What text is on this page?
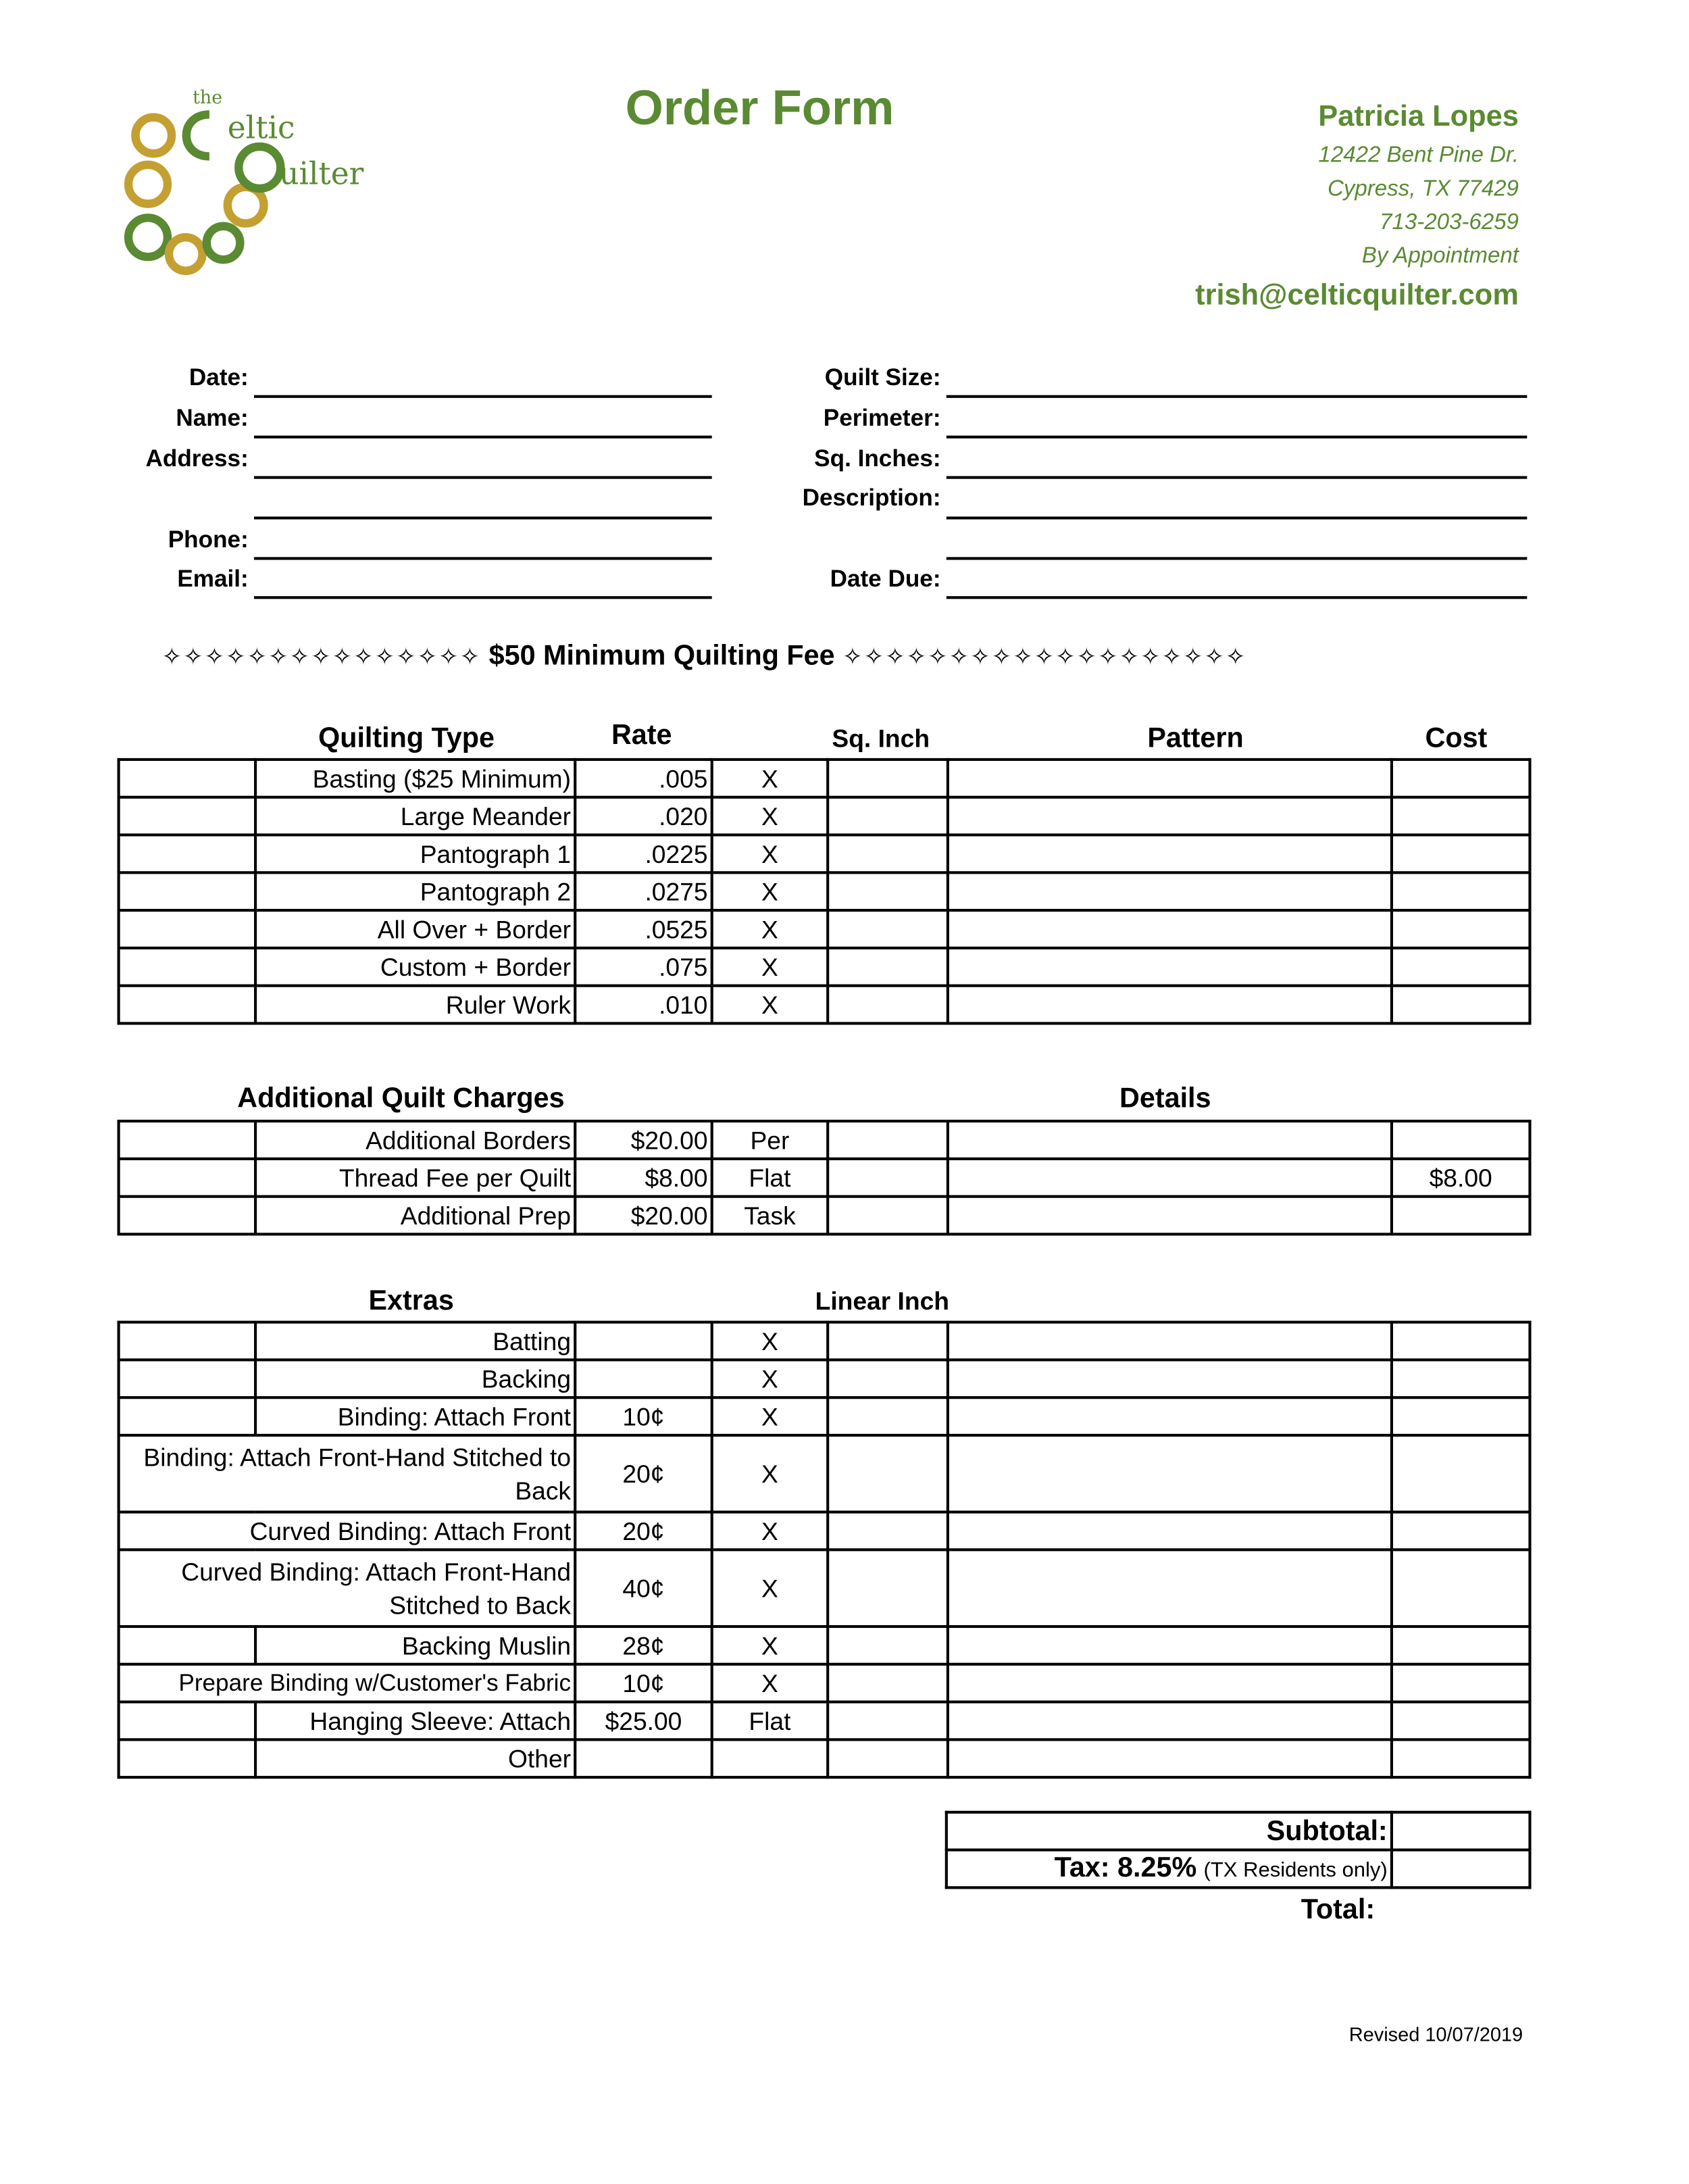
the
eltic
uilter
Order Form	Patricia Lopes
12422 Bent Pine Dr.
Cypress, TX 77429
713-203-6259
By Appointment
trish@celticquilter.com
Date:
Name:
Address:
Phone:
Email:
Quilt Size:
Perimeter:
Sq. Inches:
Description:
Date Due:
✧✧✧✧✧✧✧✧✧✧✧✧✧✧✧ $50 Minimum Quilting Fee ✧✧✧✧✧✧✧✧✧✧✧✧✧✧✧✧✧✧✧
Quilting Type	Rate	Sq. Inch	Pattern	Cost
	Basting ($25 Minimum)	.005	X			
	Large Meander	.020	X			
	Pantograph 1	.0225	X			
	Pantograph 2	.0275	X			
	All Over + Border	.0525	X			
	Custom + Border	.075	X			
	Ruler Work	.010	X			
Additional Quilt Charges	Details
	Additional Borders	$20.00	Per			
	Thread Fee per Quilt	$8.00	Flat			$8.00
	Additional Prep	$20.00	Task			
Extras	Linear Inch
	Batting		X			
	Backing		X			
	Binding: Attach Front	10¢	X			
Binding: Attach Front-Hand Stitched to Back		20¢	X			
Curved Binding: Attach Front		20¢	X			
Curved Binding: Attach Front-Hand Stitched to Back		40¢	X			
	Backing Muslin	28¢	X			
Prepare Binding w/Customer's Fabric		10¢	X			
	Hanging Sleeve: Attach	$25.00	Flat			
	Other					
Subtotal:	
Tax: 8.25% (TX Residents only)	
Total:
Revised 10/07/2019
